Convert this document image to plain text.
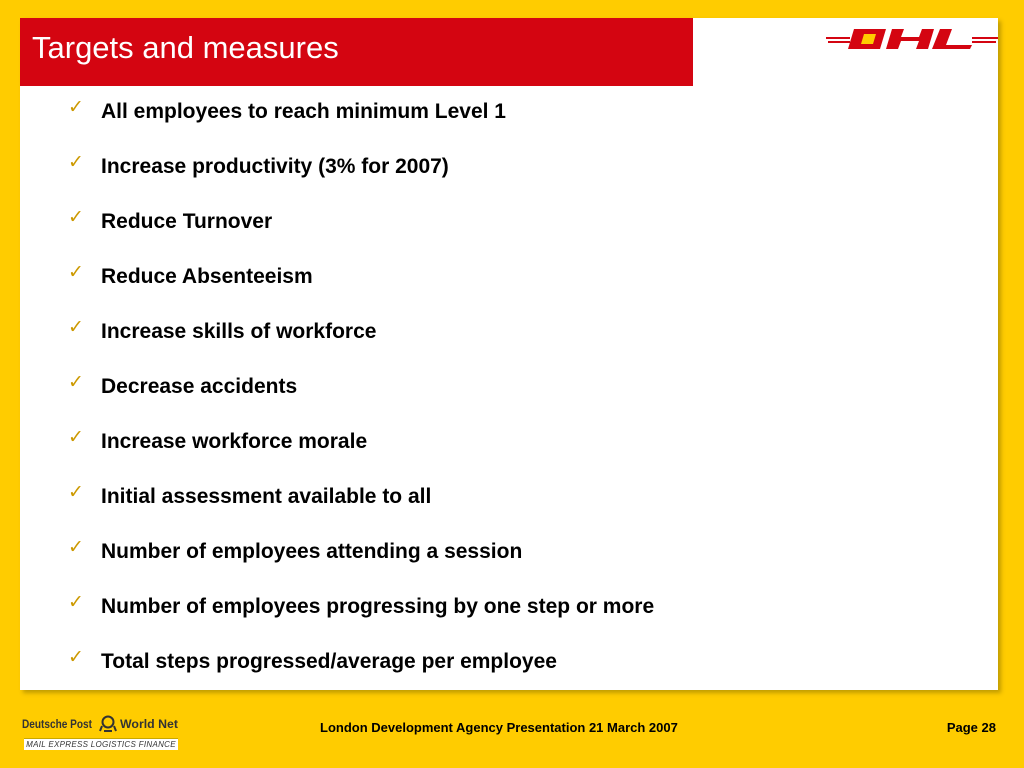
Targets and measures
DHL
✓ All employees to reach minimum Level 1
✓ Increase productivity (3% for 2007)
✓ Reduce Turnover
✓ Reduce Absenteeism
✓ Increase skills of workforce
✓ Decrease accidents
✓ Increase workforce morale
✓ Initial assessment available to all
✓ Number of employees attending a session
✓ Number of employees progressing by one step or more
✓ Total steps progressed/average per employee
Deutsche Post World Net
MAIL EXPRESS LOGISTICS FINANCE
London Development Agency Presentation 21 March 2007	Page 28
